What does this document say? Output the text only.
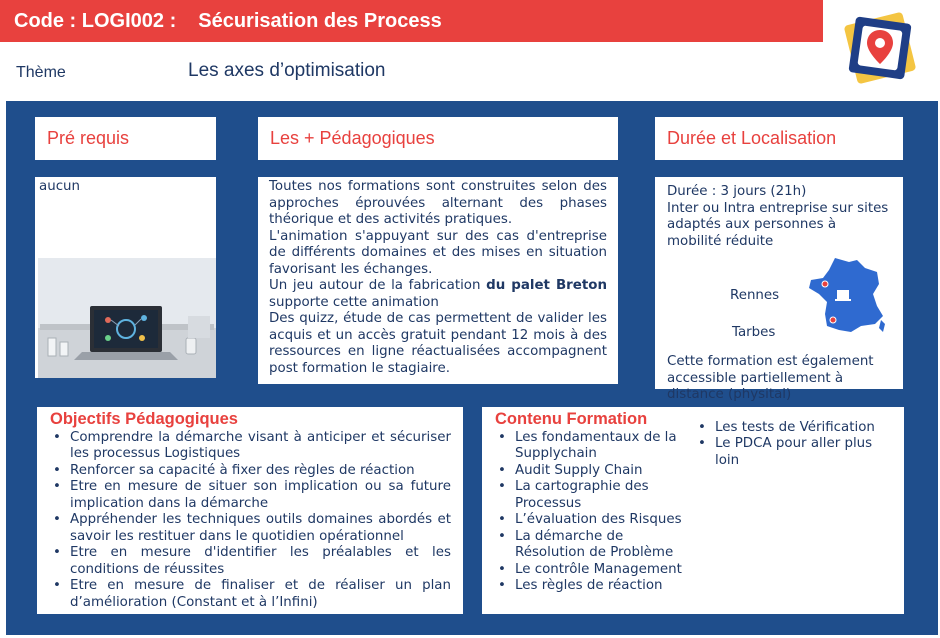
Code : LOGI002 : Sécurisation des Process
Thème	Les axes d’optimisation
Pré requis	Les + Pédagogiques	Durée et Localisation
aucun	Toutes nos formations sont construites selon des approches éprouvées alternant des phases théorique et des activités pratiques.
L'animation s'appuyant sur des cas d'entreprise de différents domaines et des mises en situation favorisant les échanges.
Un jeu autour de la fabrication du palet Breton supporte cette animation
Des quizz, étude de cas permettent de valider les acquis et un accès gratuit pendant 12 mois à des ressources en ligne réactualisées accompagnent post formation le stagiaire.
Durée : 3 jours (21h)
Inter ou Intra entreprise sur sites adaptés aux personnes à mobilité réduite
Rennes
Tarbes
Cette formation est également accessible partiellement à distance (physital)
Objectifs Pédagogiques
• Comprendre la démarche visant à anticiper et sécuriser les processus Logistiques
• Renforcer sa capacité à fixer des règles de réaction
• Etre en mesure de situer son implication ou sa future implication dans la démarche
• Appréhender les techniques outils domaines abordés et savoir les restituer dans le quotidien opérationnel
• Etre en mesure d'identifier les préalables et les conditions de réussites
• Etre en mesure de finaliser et de réaliser un plan d’amélioration (Constant et à l’Infini)
Contenu Formation
• Les fondamentaux de la Supplychain
• Audit Supply Chain
• La cartographie des Processus
• L’évaluation des Risques
• La démarche de Résolution de Problème
• Le contrôle Management
• Les règles de réaction
• Les tests de Vérification
• Le PDCA pour aller plus loin
